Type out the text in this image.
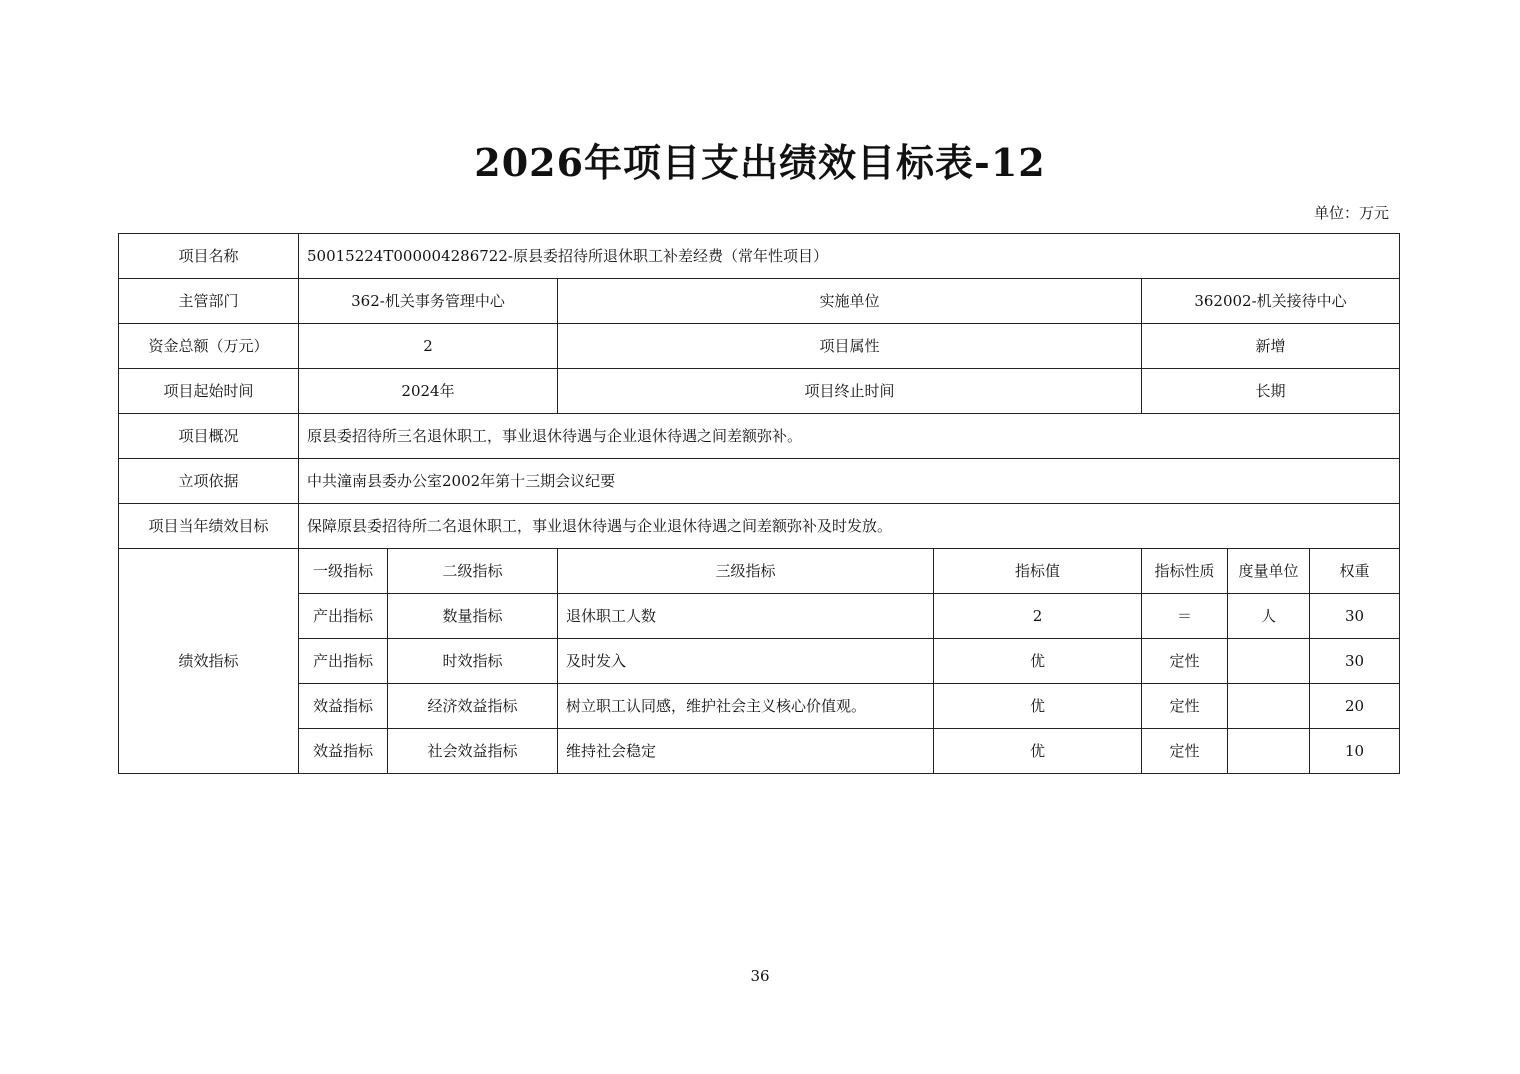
2026年项目支出绩效目标表-12
单位：万元
项目名称	50015224T000004286722-原县委招待所退休职工补差经费（常年性项目）						
主管部门	362-机关事务管理中心		实施单位		362002-机关接待中心		
资金总额（万元）	2		项目属性		新增		
项目起始时间	2024年		项目终止时间		长期		
项目概况	原县委招待所三名退休职工，事业退休待遇与企业退休待遇之间差额弥补。						
立项依据	中共潼南县委办公室2002年第十三期会议纪要						
项目当年绩效目标	保障原县委招待所二名退休职工，事业退休待遇与企业退休待遇之间差额弥补及时发放。						
绩效指标	一级指标	二级指标	三级指标	指标值	指标性质	度量单位	权重
	产出指标	数量指标	退休职工人数	2	＝	人	30
	产出指标	时效指标	及时发入	优	定性		30
	效益指标	经济效益指标	树立职工认同感，维护社会主义核心价值观。	优	定性		20
	效益指标	社会效益指标	维持社会稳定	优	定性		10
36
